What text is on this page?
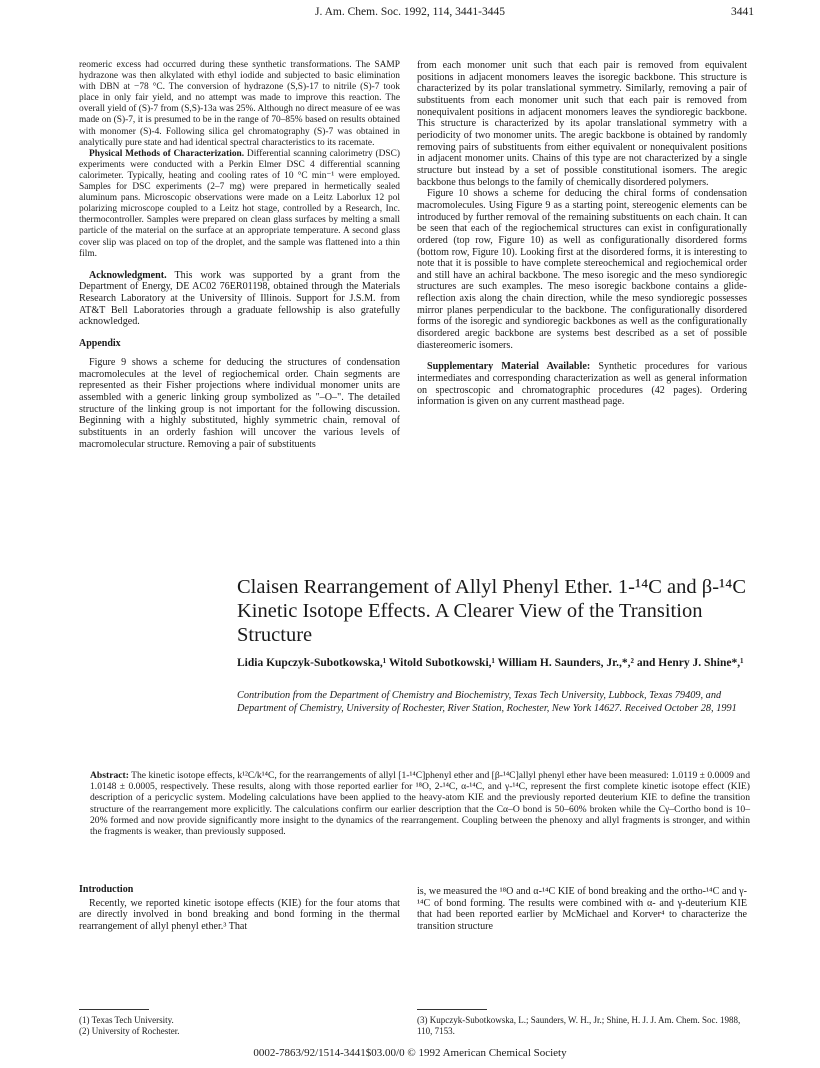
J. Am. Chem. Soc. 1992, 114, 3441-3445	3441

reomeric excess had occurred during these synthetic transformations. The SAMP hydrazone was then alkylated with ethyl iodide and subjected to basic elimination with DBN at −78 °C. The conversion of hydrazone (S,S)-17 to nitrile (S)-7 took place in only fair yield, and no attempt was made to improve this reaction. The overall yield of (S)-7 from (S,S)-13a was 25%. Although no direct measure of ee was made on (S)-7, it is presumed to be in the range of 70–85% based on results obtained with monomer (S)-4. Following silica gel chromatography (S)-7 was obtained in analytically pure state and had identical spectral characteristics to its racemate.

Physical Methods of Characterization. Differential scanning calorimetry (DSC) experiments were conducted with a Perkin Elmer DSC 4 differential scanning calorimeter. Typically, heating and cooling rates of 10 °C min⁻¹ were employed. Samples for DSC experiments (2–7 mg) were prepared in hermetically sealed aluminum pans. Microscopic observations were made on a Leitz Laborlux 12 pol polarizing microscope coupled to a Leitz hot stage, controlled by a Research, Inc. thermocontroller. Samples were prepared on clean glass surfaces by melting a small particle of the material on the surface at an appropriate temperature. A second glass cover slip was placed on top of the droplet, and the sample was flattened into a thin film.

Acknowledgment. This work was supported by a grant from the Department of Energy, DE AC02 76ER01198, obtained through the Materials Research Laboratory at the University of Illinois. Support for J.S.M. from AT&T Bell Laboratories through a graduate fellowship is also gratefully acknowledged.

Appendix

Figure 9 shows a scheme for deducing the structures of condensation macromolecules at the level of regiochemical order. Chain segments are represented as their Fisher projections where individual monomer units are assembled with a generic linking group symbolized as "–O–". The detailed structure of the linking group is not important for the following discussion. Beginning with a highly substituted, highly symmetric chain, removal of substituents in an orderly fashion will uncover the various levels of macromolecular structure. Removing a pair of substituents

from each monomer unit such that each pair is removed from equivalent positions in adjacent monomers leaves the isoregic backbone. This structure is characterized by its polar translational symmetry. Similarly, removing a pair of substituents from each monomer unit such that each pair is removed from nonequivalent positions in adjacent monomers leaves the syndioregic backbone. This structure is characterized by its apolar translational symmetry with a periodicity of two monomer units. The aregic backbone is obtained by randomly removing pairs of substituents from either equivalent or nonequivalent positions in adjacent monomer units. Chains of this type are not characterized by a single structure but instead by a set of possible constitutional isomers. The aregic backbone thus belongs to the family of chemically disordered polymers.

Figure 10 shows a scheme for deducing the chiral forms of condensation macromolecules. Using Figure 9 as a starting point, stereogenic elements can be introduced by further removal of the remaining substituents on each chain. It can be seen that each of the regiochemical structures can exist in configurationally ordered (top row, Figure 10) as well as configurationally disordered forms (bottom row, Figure 10). Looking first at the disordered forms, it is interesting to note that it is possible to have complete stereochemical and regiochemical order and still have an achiral backbone. The meso isoregic and the meso syndioregic structures are such examples. The meso isoregic backbone contains a glide-reflection axis along the chain direction, while the meso syndioregic possesses mirror planes perpendicular to the backbone. The configurationally disordered forms of the isoregic and syndioregic backbones as well as the configurationally disordered aregic backbone are systems best described as a set of possible diastereomeric isomers.

Supplementary Material Available: Synthetic procedures for various intermediates and corresponding characterization as well as general information on spectroscopic and chromatographic procedures (42 pages). Ordering information is given on any current masthead page.

Claisen Rearrangement of Allyl Phenyl Ether. 1-¹⁴C and β-¹⁴C Kinetic Isotope Effects. A Clearer View of the Transition Structure
Lidia Kupczyk-Subotkowska,¹ Witold Subotkowski,¹ William H. Saunders, Jr.,*,² and Henry J. Shine*,¹
Contribution from the Department of Chemistry and Biochemistry, Texas Tech University, Lubbock, Texas 79409, and Department of Chemistry, University of Rochester, River Station, Rochester, New York 14627. Received October 28, 1991
Abstract: The kinetic isotope effects, k¹²C/k¹⁴C, for the rearrangements of allyl [1-¹⁴C]phenyl ether and [β-¹⁴C]allyl phenyl ether have been measured: 1.0119 ± 0.0009 and 1.0148 ± 0.0005, respectively. These results, along with those reported earlier for ¹⁸O, 2-¹⁴C, α-¹⁴C, and γ-¹⁴C, represent the first complete kinetic isotope effect (KIE) description of a pericyclic system. Modeling calculations have been applied to the heavy-atom KIE and the previously reported deuterium KIE to define the transition structure of the rearrangement more explicitly. The calculations confirm our earlier description that the Cα–O bond is 50–60% broken while the Cγ–Cortho bond is 10–20% formed and now provide significantly more insight to the dynamics of the rearrangement. Coupling between the phenoxy and allyl fragments is stronger, and within the fragments is weaker, than previously supposed.
Introduction

Recently, we reported kinetic isotope effects (KIE) for the four atoms that are directly involved in bond breaking and bond forming in the thermal rearrangement of allyl phenyl ether.³ That

is, we measured the ¹⁸O and α-¹⁴C KIE of bond breaking and the ortho-¹⁴C and γ-¹⁴C of bond forming. The results were combined with α- and γ-deuterium KIE that had been reported earlier by McMichael and Korver⁴ to characterize the transition structure

(1) Texas Tech University.
(2) University of Rochester.
(3) Kupczyk-Subotkowska, L.; Saunders, W. H., Jr.; Shine, H. J. J. Am. Chem. Soc. 1988, 110, 7153.
0002-7863/92/1514-3441$03.00/0 © 1992 American Chemical Society
